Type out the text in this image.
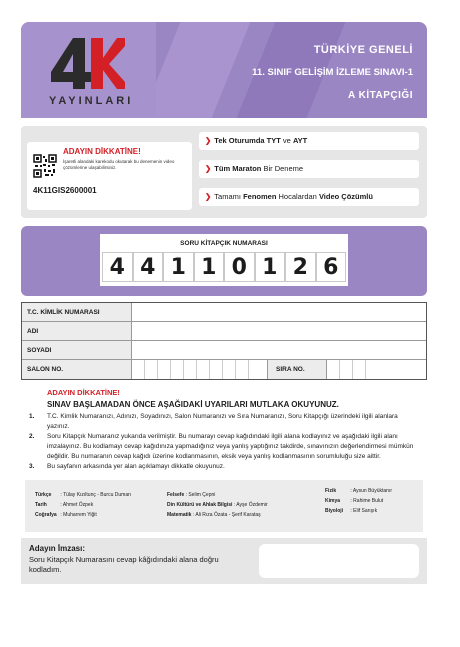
YAYINLARI
TÜRKİYE GENELİ
11. SINIF GELİŞİM İZLEME SINAVI-1
A KİTAPÇIĞI
ADAYIN DİKKATİNE!
İşaretli alandaki karekodu okutarak bu denemenin video çözümlerine ulaşabilirsiniz.
4K11GIS2600001
❯ Tek Oturumda TYT ve AYT
❯ Tüm Maraton Bir Deneme
❯ Tamamı Fenomen Hocalardan Video Çözümlü
SORU KİTAPÇIK NUMARASI
4 4 1 1 0 1 2 6
T.C. KİMLİK NUMARASI
ADI
SOYADI
SALON NO.	SIRA NO.
ADAYIN DİKKATİNE!
SINAV BAŞLAMADAN ÖNCE AŞAĞIDAKİ UYARILARI MUTLAKA OKUYUNUZ.
1. T.C. Kimlik Numaranızı, Adınızı, Soyadınızı, Salon Numaranızı ve Sıra Numaranızı, Soru Kitapçığı üzerindeki ilgili alanlara yazınız.
2. Soru Kitapçık Numaranız yukarıda verilmiştir. Bu numarayı cevap kağıdındaki ilgili alana kodlayınız ve aşağıdaki ilgili alanı imzalayınız. Bu kodlamayı cevap kağıdınıza yapmadığınız veya yanlış yaptığınız takdirde, sınavınızın değerlendirmesi mümkün değildir. Bu numaranın cevap kağıdı üzerine kodlanmasının, eksik veya yanlış kodlanmasının sorumluluğu size aittir.
3. Bu sayfanın arkasında yer alan açıklamayı dikkatle okuyunuz.
Türkçe : Tülay Kızıltunç - Burcu Duman
Tarih : Ahmet Özpek
Coğrafya : Muharrem Yiğit
Felsefe : Selim Çepni
Din Kültürü ve Ahlak Bilgisi : Ayşe Özdemir
Matematik : Ali Rıza Özata - Şerif Karataş
Fizik	: Aysun Büyüktanır
Kimya : Rahime Bulut
Biyoloji : Elif Sarışık
Adayın İmzası:
Soru Kitapçık Numarasını cevap kâğıdındaki alana doğru kodladım.
